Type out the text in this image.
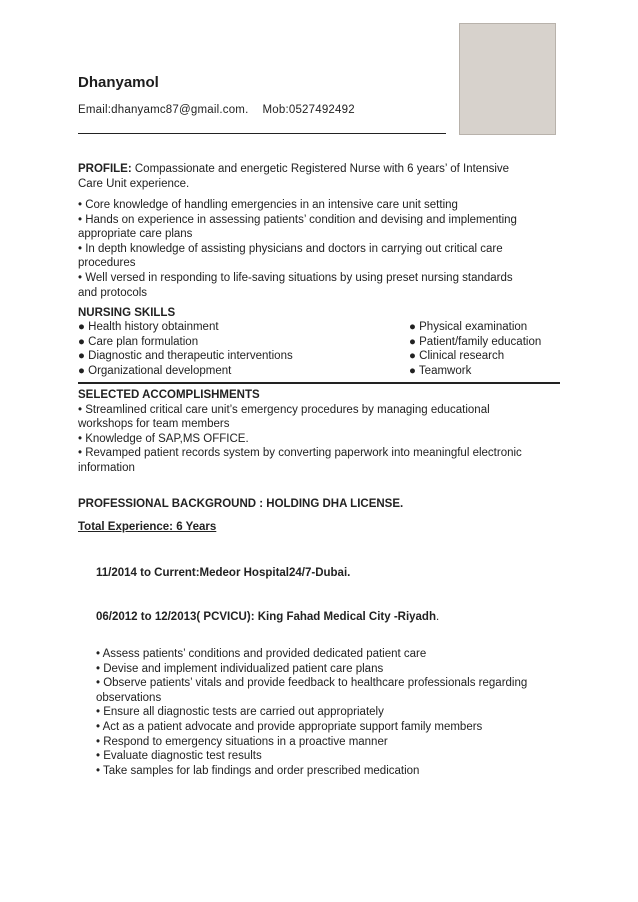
Dhanyamol
Email:dhanyamc87@gmail.com. Mob:0527492492
PROFILE: Compassionate and energetic Registered Nurse with 6 years’ of Intensive
Care Unit experience.
• Core knowledge of handling emergencies in an intensive care unit setting
• Hands on experience in assessing patients’ condition and devising and implementing
appropriate care plans
• In depth knowledge of assisting physicians and doctors in carrying out critical care
procedures
• Well versed in responding to life-saving situations by using preset nursing standards
and protocols
NURSING SKILLS
● Health history obtainment
● Care plan formulation
● Diagnostic and therapeutic interventions
● Organizational development
● Physical examination
● Patient/family education
● Clinical research
● Teamwork
SELECTED ACCOMPLISHMENTS
• Streamlined critical care unit’s emergency procedures by managing educational
workshops for team members
• Knowledge of SAP,MS OFFICE.
• Revamped patient records system by converting paperwork into meaningful electronic
information
PROFESSIONAL BACKGROUND : HOLDING DHA LICENSE.
Total Experience: 6 Years
11/2014 to Current:Medeor Hospital24/7-Dubai.
06/2012 to 12/2013( PCVICU): King Fahad Medical City -Riyadh.
• Assess patients’ conditions and provided dedicated patient care
• Devise and implement individualized patient care plans
• Observe patients’ vitals and provide feedback to healthcare professionals regarding
observations
• Ensure all diagnostic tests are carried out appropriately
• Act as a patient advocate and provide appropriate support family members
• Respond to emergency situations in a proactive manner
• Evaluate diagnostic test results
• Take samples for lab findings and order prescribed medication
